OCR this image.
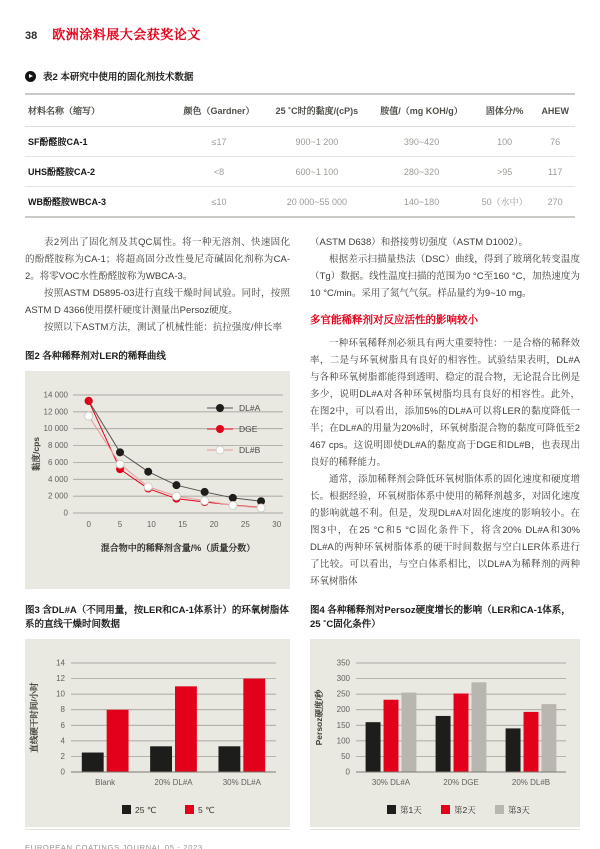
38 欧洲涂料展大会获奖论文
表2 本研究中使用的固化剂技术数据
材料名称（缩写）	颜色（Gardner）	25 ˚C时的黏度/(cP)s	胺值/（mg KOH/g）	固体分/%	AHEW
SF酚醛胺CA-1	≤17	900~1 200	390~420	100	76
UHS酚醛胺CA-2	<8	600~1 100	280~320	>95	117
WB酚醛胺WBCA-3	≤10	20 000~55 000	140~180	50（水中）	270

表2列出了固化剂及其QC属性。将一种无溶剂、快速固化的酚醛胺称为CA-1；将超高固分改性曼尼奇碱固化剂称为CA-2。将零VOC水性酚醛胺称为WBCA-3。

按照ASTM D5895-03进行直线干燥时间试验。同时，按照ASTM D 4366使用摆杆硬度计测量出Persoz硬度。

按照以下ASTM方法，测试了机械性能：抗拉强度/伸长率

图2 各种稀释剂对LER的稀释曲线
0
2 000
4 000
6 000
8 000
10 000
12 000
14 000
0	5	10	15	20	25	30
DL#A
DGE
DL#B
黏度/cps
混合物中的稀释剂含量/%（质量分数）
图3 含DL#A（不同用量，按LER和CA-1体系计）的环氧树脂体系的直线干燥时间数据

（ASTM D638）和搭接剪切强度（ASTM D1002）。

根据差示扫描量热法（DSC）曲线，得到了玻璃化转变温度（Tg）数据。线性温度扫描的范围为0 °C至160 °C，加热速度为10 °C/min。采用了氮气气氛。样品量约为9~10 mg。

多官能稀释剂对反应活性的影响较小

一种环氧稀释剂必须具有两大重要特性：一是合格的稀释效率，二是与环氧树脂具有良好的相容性。试验结果表明，DL#A与各种环氧树脂都能得到透明、稳定的混合物，无论混合比例是多少，说明DL#A对各种环氧树脂均具有良好的相容性。此外，在图2中，可以看出，添加5%的DL#A可以将LER的黏度降低一半；在DL#A的用量为20%时，环氧树脂混合物的黏度可降低至2 467 cps。这说明即使DL#A的黏度高于DGE和DL#B，也表现出良好的稀释能力。

通常，添加稀释剂会降低环氧树脂体系的固化速度和硬度增长。根据经验，环氧树脂体系中使用的稀释剂越多，对固化速度的影响就越不利。但是，发现DL#A对固化速度的影响较小。在图3中，在25 °C和5 °C固化条件下，将含20% DL#A和30% DL#A的两种环氧树脂体系的硬干时间数据与空白LER体系进行了比较。可以看出，与空白体系相比，以DL#A为稀释剂的两种环氧树脂体

图4 各种稀释剂对Persoz硬度增长的影响（LER和CA-1体系，25 ˚C固化条件）
0
2
4
6
8
10
12
14
Blank	20% DL#A	30% DL#A
直线硬干时间/小时
25 ℃	5 ℃
0
50
100
150
200
250
300
350
30% DL#A	20% DGE	20% DL#B
Persoz硬度/秒
第1天	第2天	第3天
EUROPEAN COATINGS JOURNAL 05 - 2023
